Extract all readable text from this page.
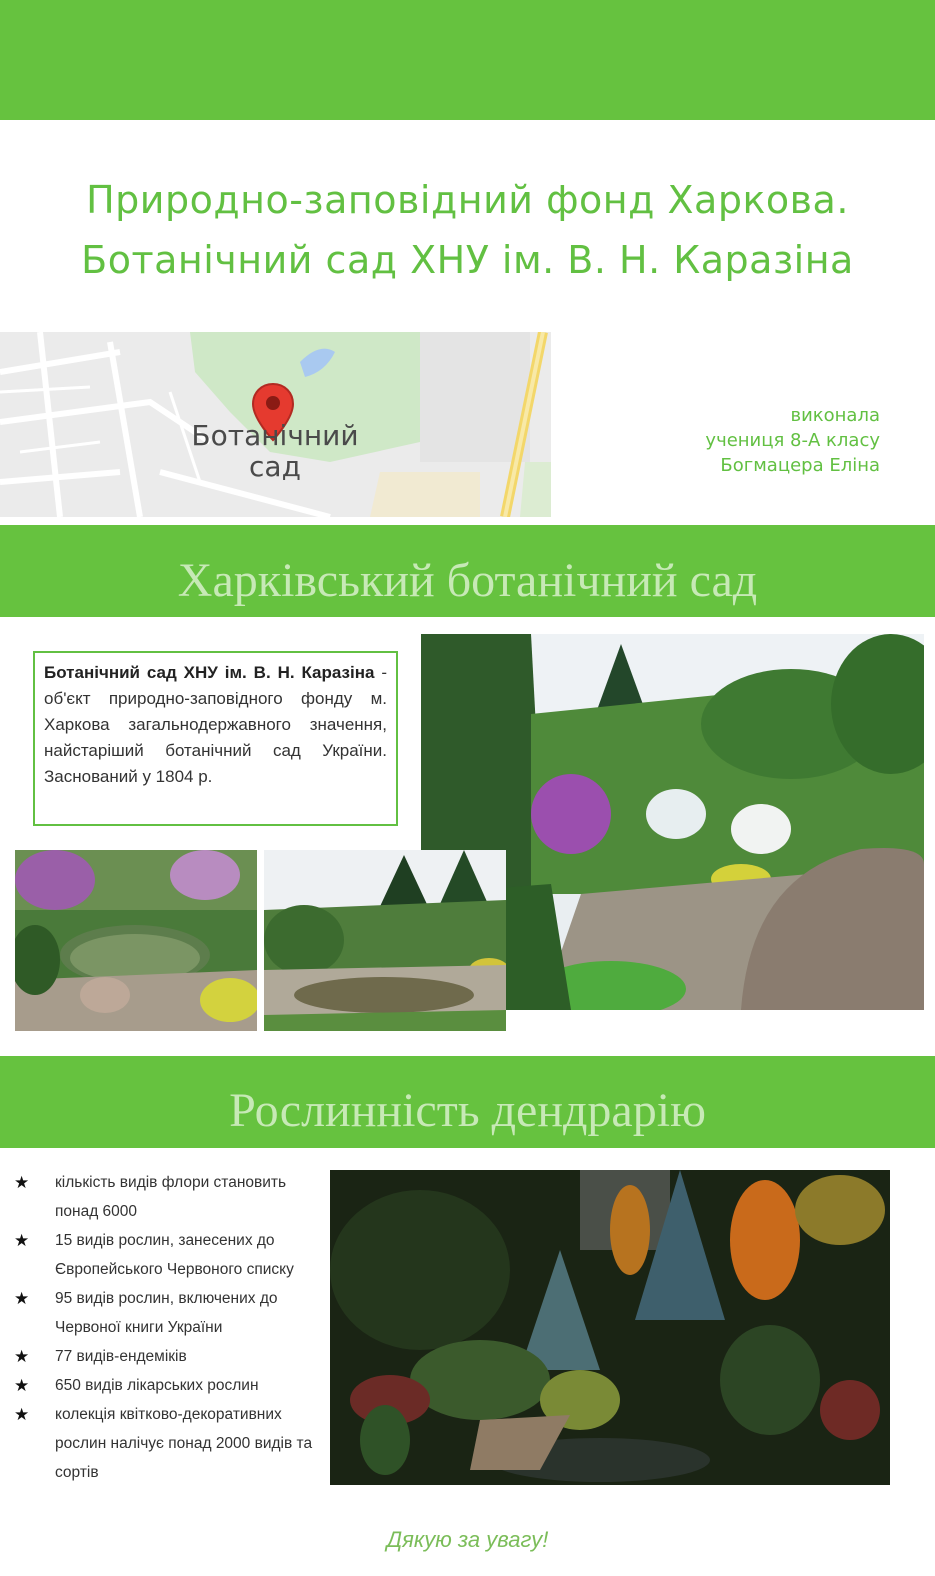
Природно-заповідний фонд Харкова.
Ботанічний сад ХНУ ім. В. Н. Каразіна
Ботанічний
сад
виконала
учениця 8-А класу
Богмацера Еліна
Харківський ботанічний сад
Ботанічний сад ХНУ ім. В. Н. Каразіна - об'єкт природно-заповідного фонду м. Харкова загальнодержавного значення, найстаріший ботанічний сад України. Заснований у 1804 р.
Рослинність дендрарію
★ кількість видів флори становить понад 6000
★ 15 видів рослин, занесених до Європейського Червоного списку
★ 95 видів рослин, включених до Червоної книги України
★ 77 видів-ендеміків
★ 650 видів лікарських рослин
★ колекція квітково-декоративних рослин налічує понад 2000 видів та сортів
Дякую за увагу!
